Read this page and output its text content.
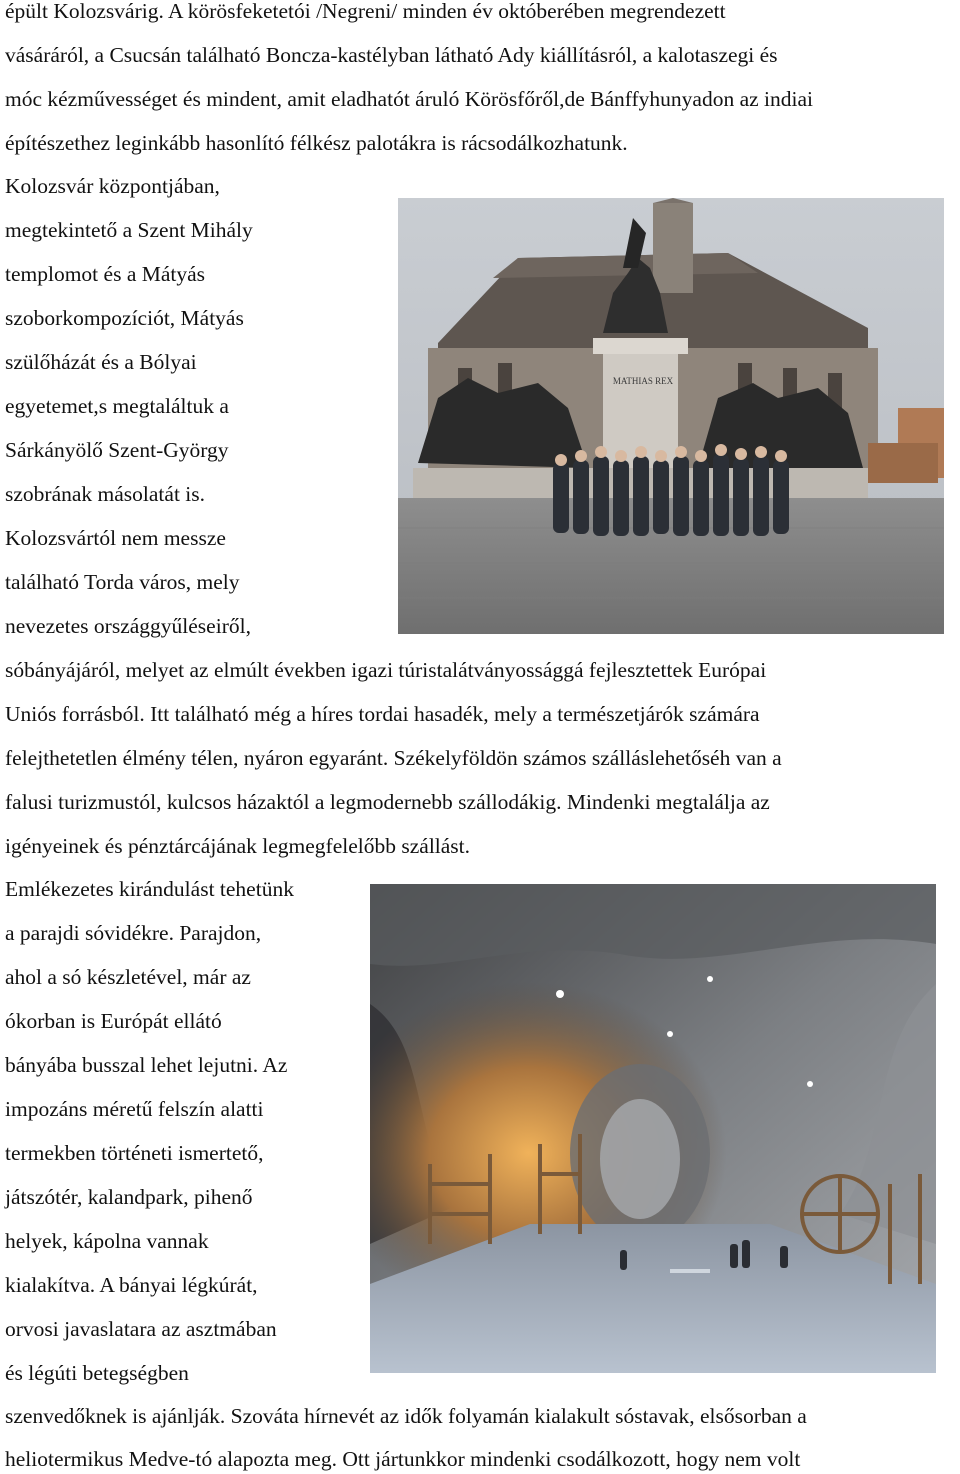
épült Kolozsvárig. A körösfeketetói /Negreni/ minden év októberében megrendezett
vásáráról, a Csucsán található Boncza-kastélyban látható Ady kiállításról, a kalotaszegi és
móc kézművességet és mindent, amit eladhatót áruló Körösfőről,de Bánffyhunyadon az indiai
építészethez leginkább hasonlító félkész palotákra is rácsodálkozhatunk.
Kolozsvár központjában,
megtekintető a Szent Mihály
templomot és a Mátyás
szoborkompozíciót, Mátyás
szülőházát és a Bólyai
egyetemet,s megtaláltuk a
Sárkányölő Szent-György
szobrának másolatát is.
Kolozsvártól nem messze
található Torda város, mely
nevezetes országgyűléseiről,
MATHIAS REX
sóbányájáról, melyet az elmúlt években igazi túristalátványossággá fejlesztettek Európai
Uniós forrásból. Itt található még a híres tordai hasadék, mely a természetjárók számára
felejthetetlen élmény télen, nyáron egyaránt. Székelyföldön számos szálláslehetőséh van a
falusi turizmustól, kulcsos házaktól a legmodernebb szállodákig. Mindenki megtalálja az
igényeinek és pénztárcájának legmegfelelőbb szállást.
Emlékezetes kirándulást tehetünk
a parajdi sóvidékre. Parajdon,
ahol a só készletével, már az
ókorban is Európát ellátó
bányába busszal lehet lejutni. Az
impozáns méretű felszín alatti
termekben történeti ismertető,
játszótér, kalandpark, pihenő
helyek, kápolna vannak
kialakítva. A bányai légkúrát,
orvosi javaslatara az asztmában
és légúti betegségben
szenvedőknek is ajánlják. Szováta hírnevét az idők folyamán kialakult sóstavak, elsősorban a
heliotermikus Medve-tó alapozta meg. Ott jártunkkor mindenki csodálkozott, hogy nem volt
